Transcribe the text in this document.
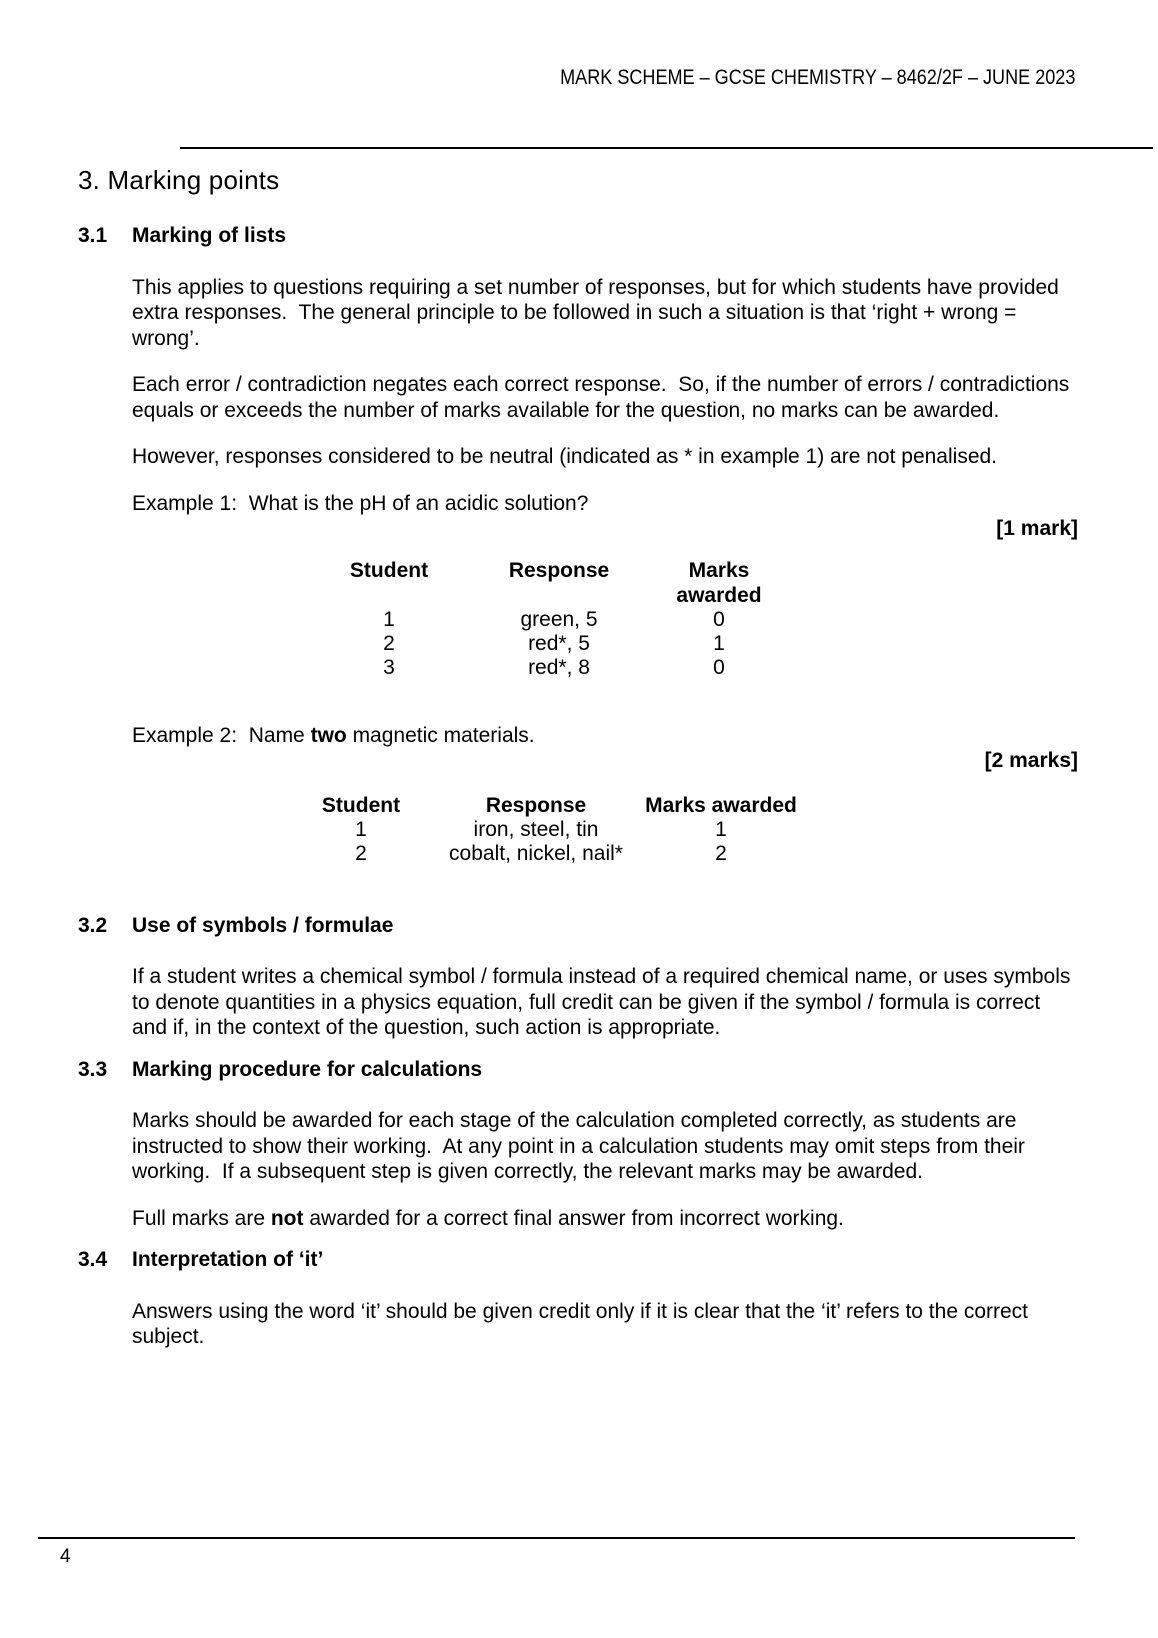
MARK SCHEME – GCSE CHEMISTRY – 8462/2F – JUNE 2023
3. Marking points
3.1	Marking of lists

This applies to questions requiring a set number of responses, but for which students have provided extra responses.  The general principle to be followed in such a situation is that ‘right + wrong = wrong’.

Each error / contradiction negates each correct response.  So, if the number of errors / contradictions equals or exceeds the number of marks available for the question, no marks can be awarded.

However, responses considered to be neutral (indicated as * in example 1) are not penalised.

Example 1:  What is the pH of an acidic solution?

[1 mark]

Student	Response	Marks awarded
1	green, 5	0
2	red*, 5	1
3	red*, 8	0

Example 2:  Name two magnetic materials.

[2 marks]

Student	Response	Marks awarded
1	iron, steel, tin	1
2	cobalt, nickel, nail*	2
3.2	Use of symbols / formulae

If a student writes a chemical symbol / formula instead of a required chemical name, or uses symbols to denote quantities in a physics equation, full credit can be given if the symbol / formula is correct and if, in the context of the question, such action is appropriate.

3.3	Marking procedure for calculations

Marks should be awarded for each stage of the calculation completed correctly, as students are instructed to show their working.  At any point in a calculation students may omit steps from their working.  If a subsequent step is given correctly, the relevant marks may be awarded.

Full marks are not awarded for a correct final answer from incorrect working.

3.4	Interpretation of ‘it’

Answers using the word ‘it’ should be given credit only if it is clear that the ‘it’ refers to the correct subject.

4
